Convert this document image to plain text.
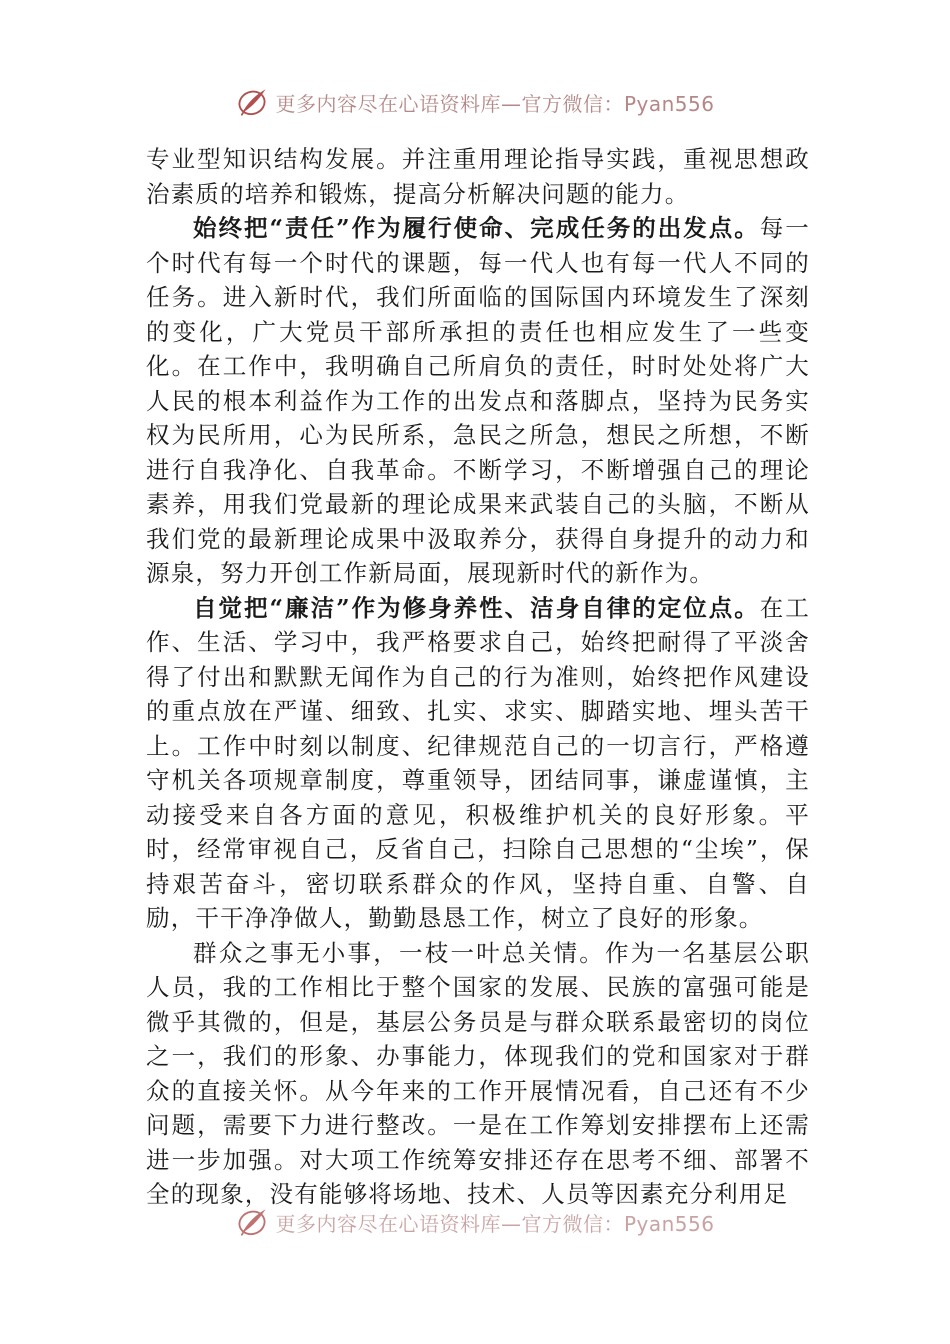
更多内容尽在心语资料库—官方微信：Pyan556

专业型知识结构发展。并注重用理论指导实践，重视思想政治素质的培养和锻炼，提高分析解决问题的能力。

始终把“责任”作为履行使命、完成任务的出发点。每一个时代有每一个时代的课题，每一代人也有每一代人不同的任务。进入新时代，我们所面临的国际国内环境发生了深刻的变化，广大党员干部所承担的责任也相应发生了一些变化。在工作中，我明确自己所肩负的责任，时时处处将广大人民的根本利益作为工作的出发点和落脚点，坚持为民务实权为民所用，心为民所系，急民之所急，想民之所想，不断进行自我净化、自我革命。不断学习，不断增强自己的理论素养，用我们党最新的理论成果来武装自己的头脑，不断从我们党的最新理论成果中汲取养分，获得自身提升的动力和源泉，努力开创工作新局面，展现新时代的新作为。

自觉把“廉洁”作为修身养性、洁身自律的定位点。在工作、生活、学习中，我严格要求自己，始终把耐得了平淡舍得了付出和默默无闻作为自己的行为准则，始终把作风建设的重点放在严谨、细致、扎实、求实、脚踏实地、埋头苦干上。工作中时刻以制度、纪律规范自己的一切言行，严格遵守机关各项规章制度，尊重领导，团结同事，谦虚谨慎，主动接受来自各方面的意见，积极维护机关的良好形象。平时，经常审视自己，反省自己，扫除自己思想的“尘埃”，保持艰苦奋斗，密切联系群众的作风，坚持自重、自警、自励，干干净净做人，勤勤恳恳工作，树立了良好的形象。

群众之事无小事，一枝一叶总关情。作为一名基层公职人员，我的工作相比于整个国家的发展、民族的富强可能是微乎其微的，但是，基层公务员是与群众联系最密切的岗位之一，我们的形象、办事能力，体现我们的党和国家对于群众的直接关怀。从今年来的工作开展情况看，自己还有不少问题，需要下力进行整改。一是在工作筹划安排摆布上还需进一步加强。对大项工作统筹安排还存在思考不细、部署不全的现象，没有能够将场地、技术、人员等因素充分利用足

更多内容尽在心语资料库—官方微信：Pyan556
